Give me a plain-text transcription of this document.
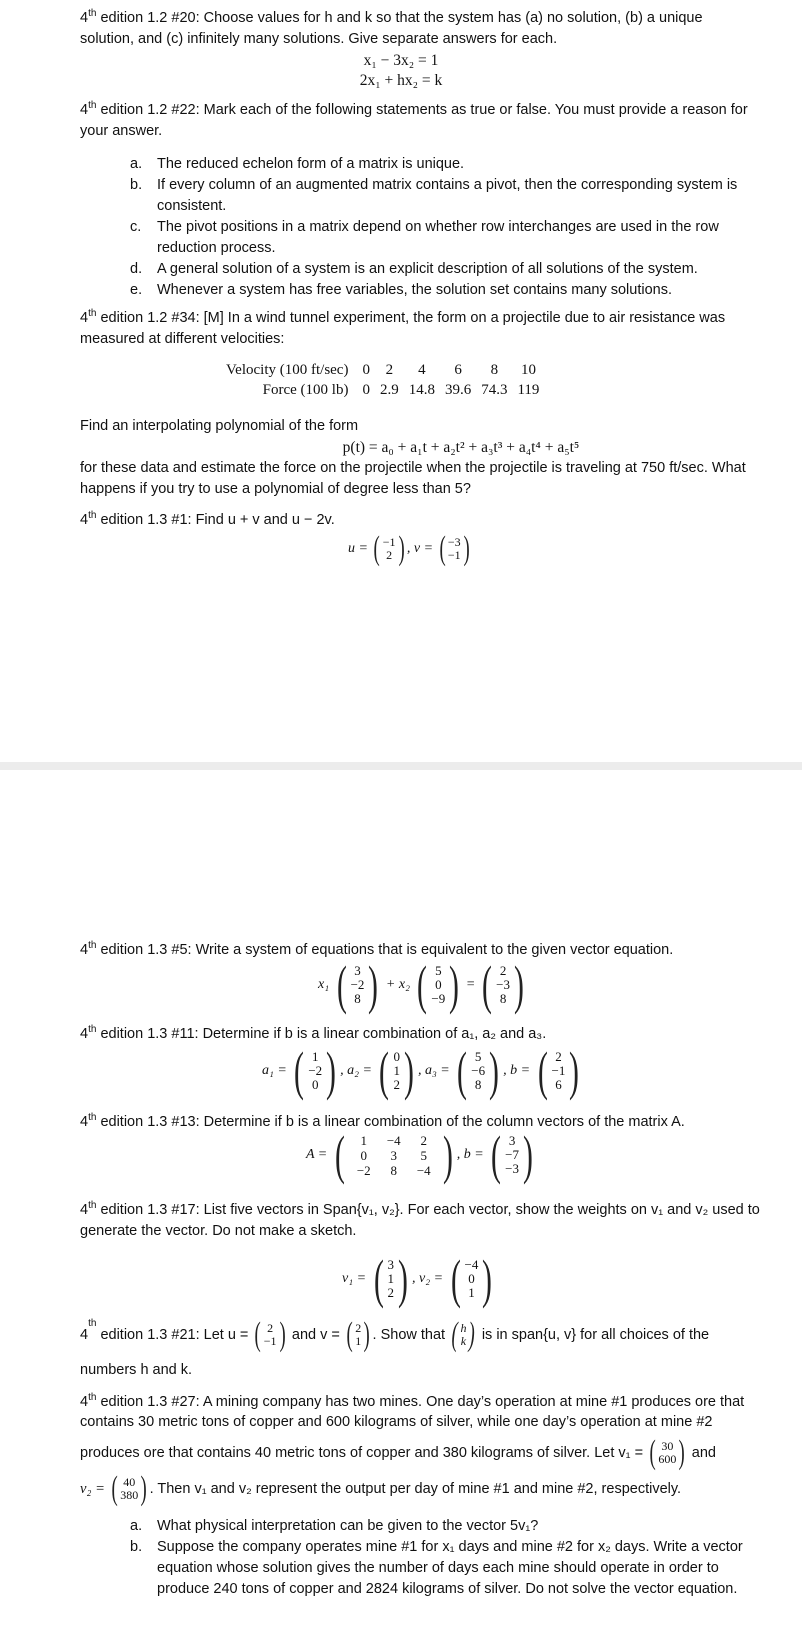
4th edition 1.2 #20: Choose values for h and k so that the system has (a) no solution, (b) a unique solution, and (c) infinitely many solutions. Give separate answers for each.
x₁ − 3x₂ = 1
2x₁ + hx₂ = k
4th edition 1.2 #22: Mark each of the following statements as true or false. You must provide a reason for your answer.
a.	The reduced echelon form of a matrix is unique.
b.	If every column of an augmented matrix contains a pivot, then the corresponding system is consistent.
c.	The pivot positions in a matrix depend on whether row interchanges are used in the row reduction process.
d.	A general solution of a system is an explicit description of all solutions of the system.
e.	Whenever a system has free variables, the solution set contains many solutions.
4th edition 1.2 #34: [M] In a wind tunnel experiment, the form on a projectile due to air resistance was measured at different velocities:
Velocity (100 ft/sec)	0	2	4	6	8	10
Force (100 lb)	0	2.9	14.8	39.6	74.3	119
Find an interpolating polynomial of the form
p(t) = a₀ + a₁t + a₂t² + a₃t³ + a₄t⁴ + a₅t⁵
for these data and estimate the force on the projectile when the projectile is traveling at 750 ft/sec. What happens if you try to use a polynomial of degree less than 5?
4th edition 1.3 #1: Find u + v and u − 2v.
u = ( −1
2 ) , v = ( −3
−1 )
4th edition 1.3 #5: Write a system of equations that is equivalent to the given vector equation.
x₁ ( 3
−2
8 ) + x₂ ( 5
0
−9 ) = ( 2
−3
8 )
4th edition 1.3 #11: Determine if b is a linear combination of a₁, a₂ and a₃.
a₁ = ( 1
−2
0 ) , a₂ = ( 0
1
2 ) , a₃ = ( 5
−6
8 ) , b = ( 2
−1
6 )
4th edition 1.3 #13: Determine if b is a linear combination of the column vectors of the matrix A.
A = (	1	−4	2
0	3	5
−2	8	−4 ) , b = ( 3
−7
−3 )
4th edition 1.3 #17: List five vectors in Span{v₁, v₂}. For each vector, show the weights on v₁ and v₂ used to generate the vector. Do not make a sketch.
v₁ = ( 3
1
2 ) , v₂ = ( −4
0
1 )
4th edition 1.3 #21: Let u = ( 2
−1 ) and v = ( 2
1 ) . Show that ( h
k ) is in span{u, v} for all choices of the
numbers h and k.
4th edition 1.3 #27: A mining company has two mines. One day’s operation at mine #1 produces ore that
contains 30 metric tons of copper and 600 kilograms of silver, while one day’s operation at mine #2
produces ore that contains 40 metric tons of copper and 380 kilograms of silver. Let v₁ = ( 30
600 ) and
v₂ = ( 40
380 ) . Then v₁ and v₂ represent the output per day of mine #1 and mine #2, respectively.
a.	What physical interpretation can be given to the vector 5v₁?
b.	Suppose the company operates mine #1 for x₁ days and mine #2 for x₂ days. Write a vector equation whose solution gives the number of days each mine should operate in order to produce 240 tons of copper and 2824 kilograms of silver. Do not solve the vector equation.
